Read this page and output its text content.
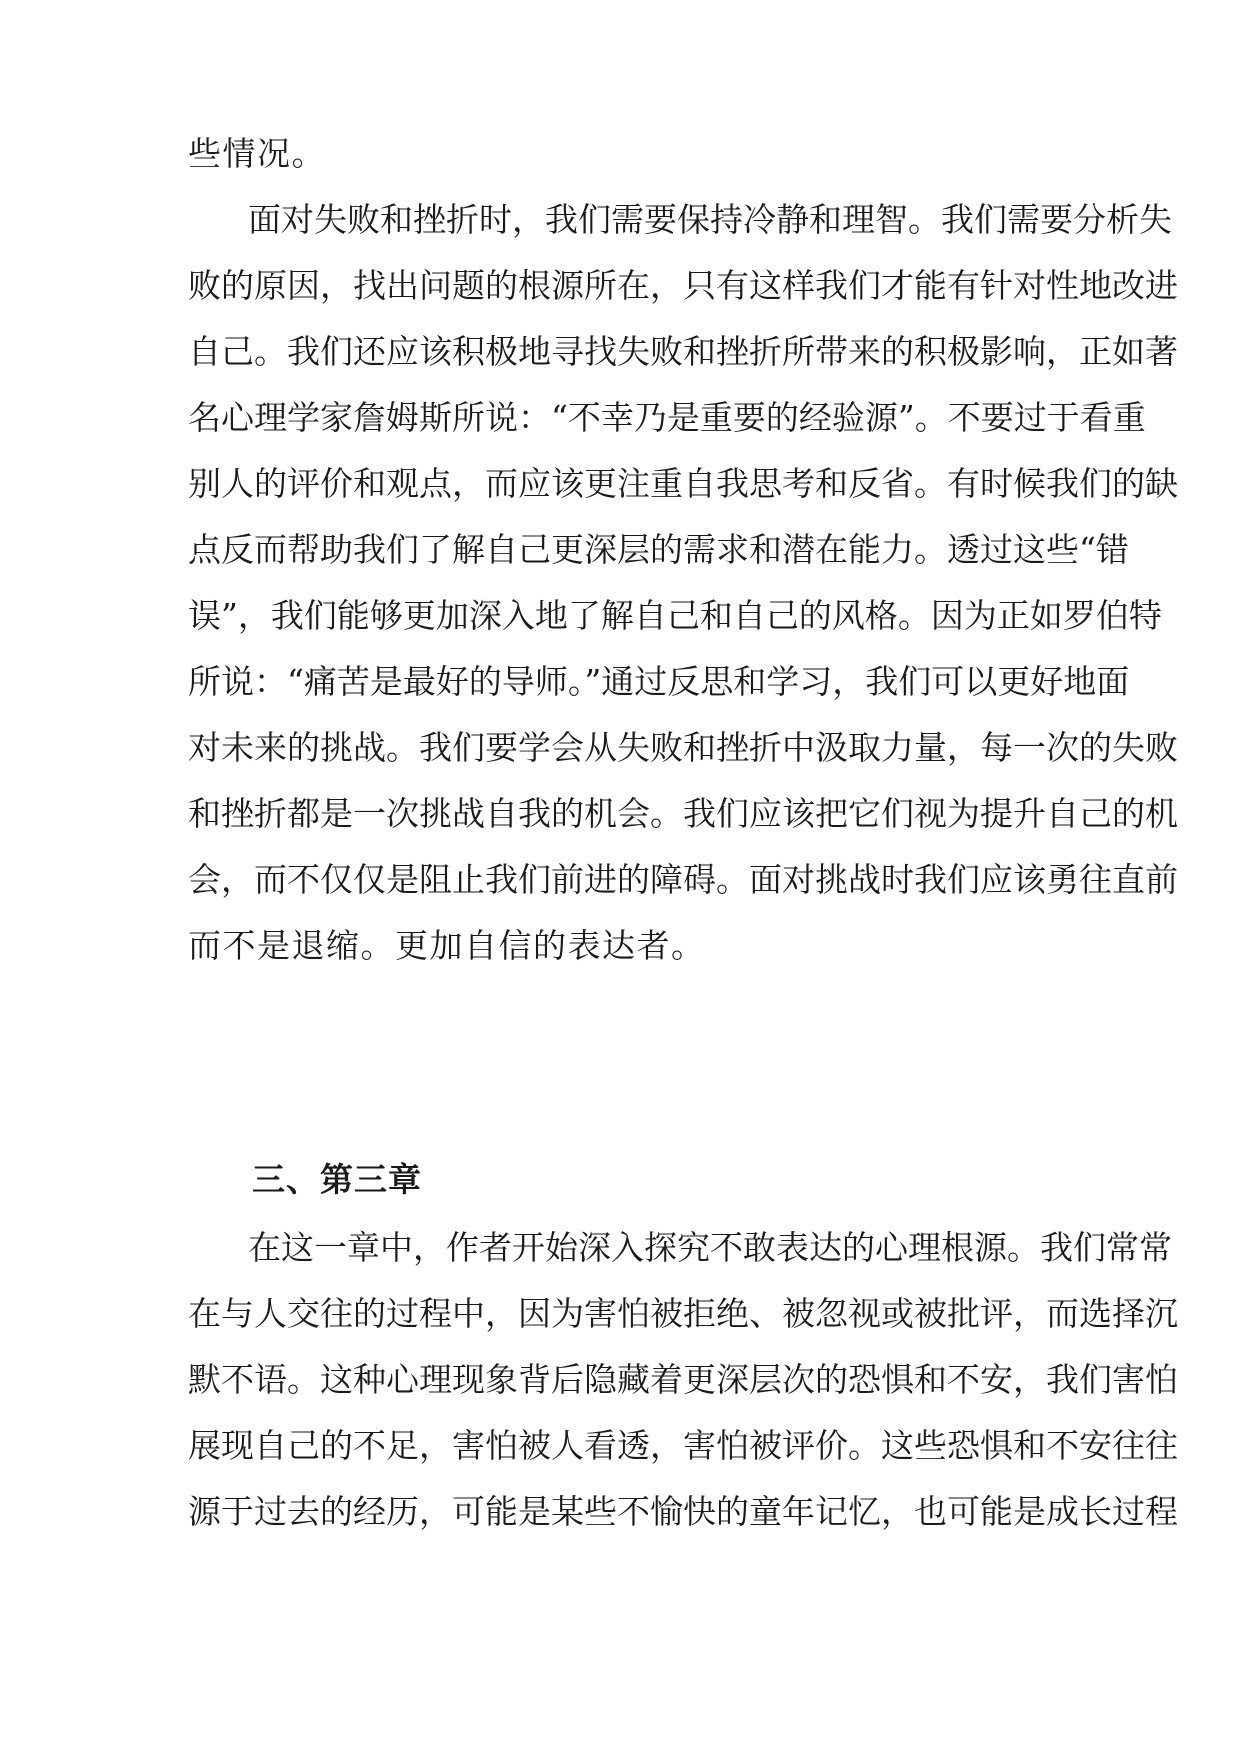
些情况。
面对失败和挫折时，我们需要保持冷静和理智。我们需要分析失
败的原因，找出问题的根源所在，只有这样我们才能有针对性地改进
自己。我们还应该积极地寻找失败和挫折所带来的积极影响，正如著
名心理学家詹姆斯所说：“不幸乃是重要的经验源”。不要过于看重
别人的评价和观点，而应该更注重自我思考和反省。有时候我们的缺
点反而帮助我们了解自己更深层的需求和潜在能力。透过这些“错
误”，我们能够更加深入地了解自己和自己的风格。因为正如罗伯特
所说：“痛苦是最好的导师。”通过反思和学习，我们可以更好地面
对未来的挑战。我们要学会从失败和挫折中汲取力量，每一次的失败
和挫折都是一次挑战自我的机会。我们应该把它们视为提升自己的机
会，而不仅仅是阻止我们前进的障碍。面对挑战时我们应该勇往直前
而不是退缩。更加自信的表达者。
三、第三章
在这一章中，作者开始深入探究不敢表达的心理根源。我们常常
在与人交往的过程中，因为害怕被拒绝、被忽视或被批评，而选择沉
默不语。这种心理现象背后隐藏着更深层次的恐惧和不安，我们害怕
展现自己的不足，害怕被人看透，害怕被评价。这些恐惧和不安往往
源于过去的经历，可能是某些不愉快的童年记忆，也可能是成长过程
